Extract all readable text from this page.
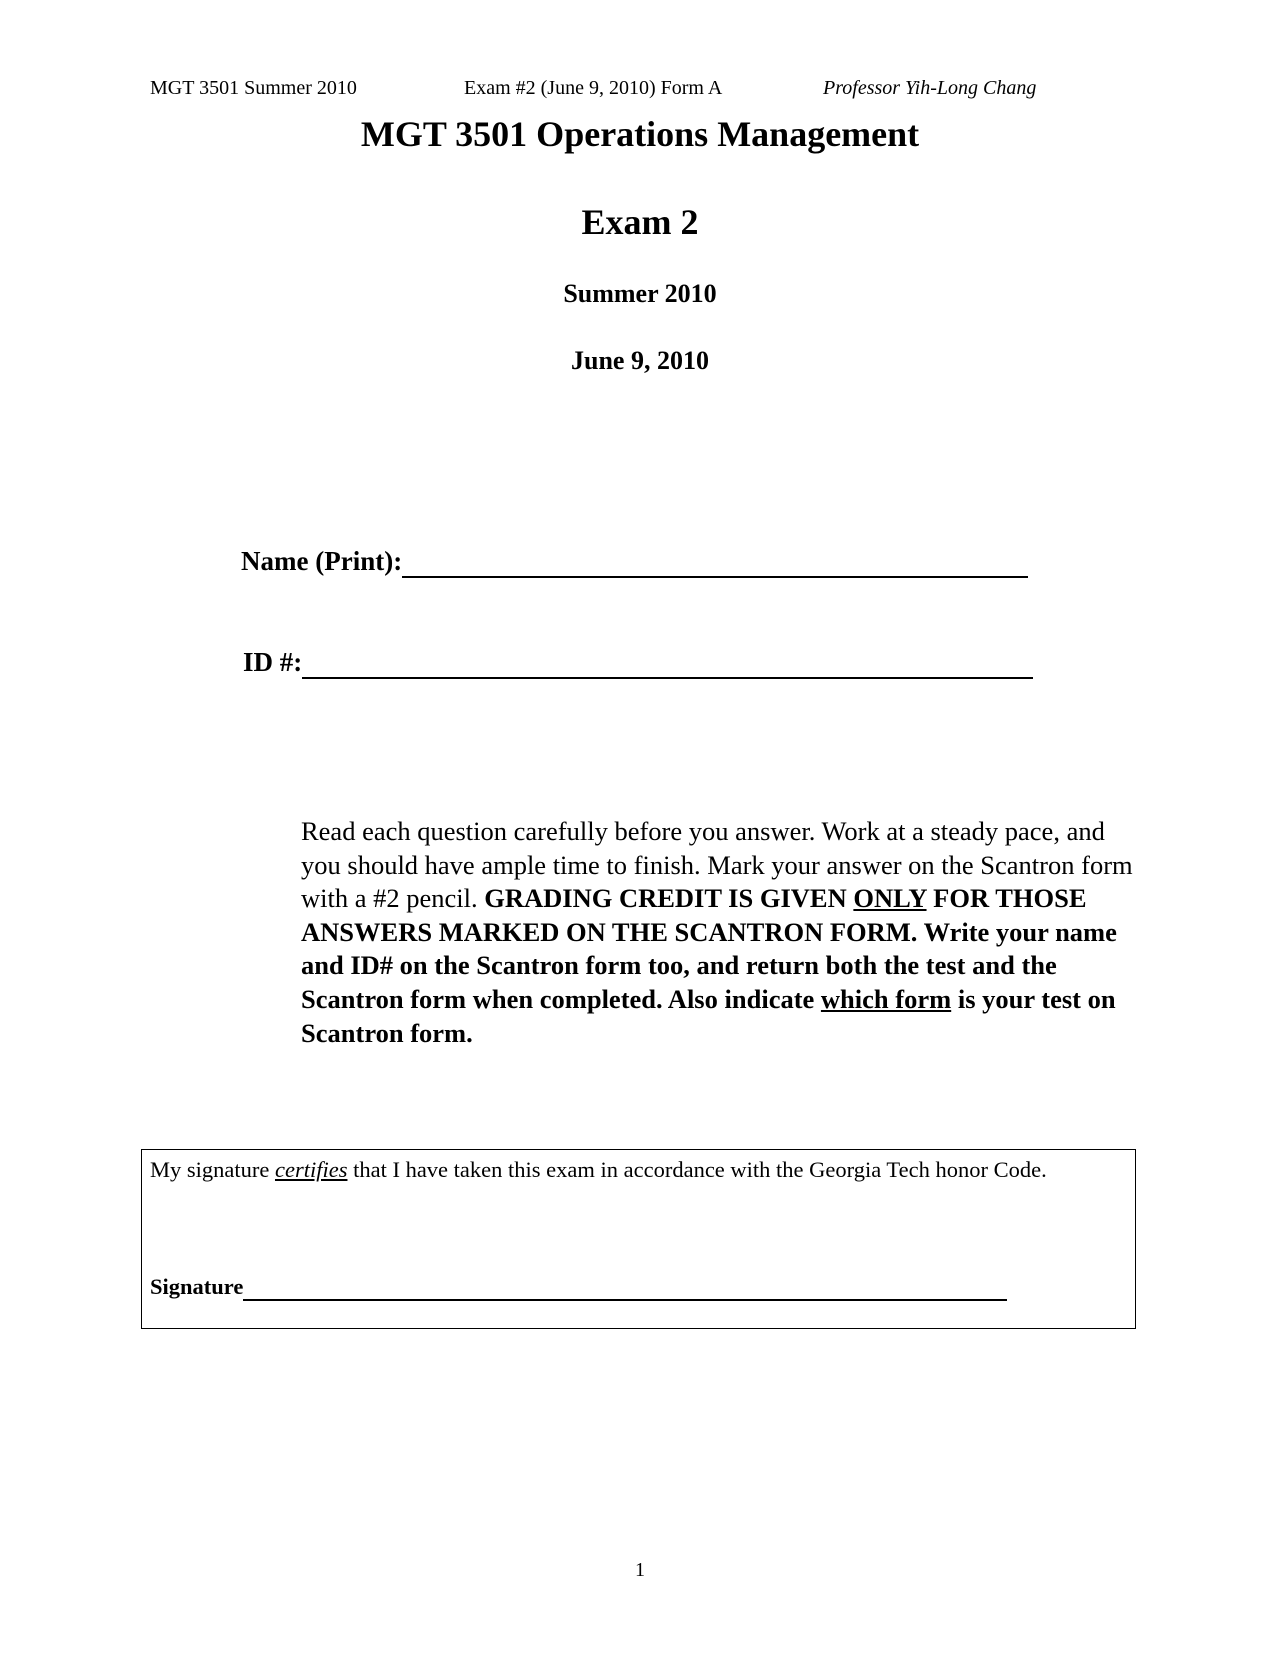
MGT 3501 Summer 2010	Exam #2 (June 9, 2010) Form A	Professor Yih-Long Chang
MGT 3501 Operations Management
Exam 2
Summer 2010
June 9, 2010
Name (Print):
ID #:
Read each question carefully before you answer. Work at a steady pace, and you should have ample time to finish. Mark your answer on the Scantron form with a #2 pencil. GRADING CREDIT IS GIVEN ONLY FOR THOSE ANSWERS MARKED ON THE SCANTRON FORM. Write your name and ID# on the Scantron form too, and return both the test and the Scantron form when completed. Also indicate which form is your test on Scantron form.
My signature certifies that I have taken this exam in accordance with the Georgia Tech honor Code.
Signature
1
